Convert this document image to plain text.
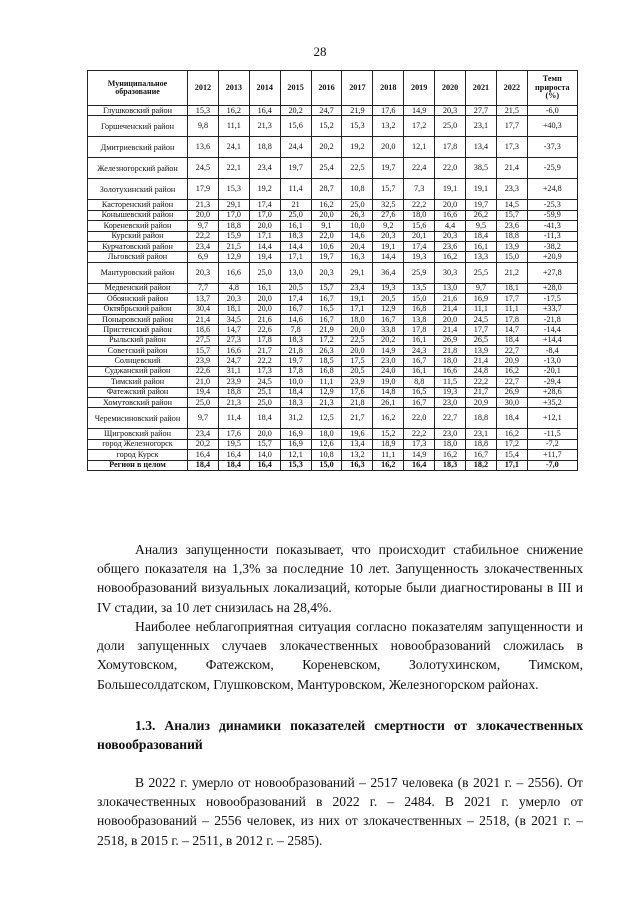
28
Муниципальное образование	2012	2013	2014	2015	2016	2017	2018	2019	2020	2021	2022	Темп прироста (%)
Глушковский район	15,3	16,2	16,4	20,2	24,7	21,9	17,6	14,9	20,3	27,7	21,5	-6,0
Горшеченский район	9,8	11,1	21,3	15,6	15,2	15,3	13,2	17,2	25,0	23,1	17,7	+40,3
Дмитриевский район	13,6	24,1	18,8	24,4	20,2	19,2	20,0	12,1	17,8	13,4	17,3	-37,3
Железногорский район	24,5	22,1	23,4	19,7	25,4	22,5	19,7	22,4	22,0	38,5	21,4	-25,9
Золотухинский район	17,9	15,3	19,2	11,4	28,7	10,8	15,7	7,3	19,1	19,1	23,3	+24,8
Касторенский район	21,3	29,1	17,4	21	16,2	25,0	32,5	22,2	20,0	19,7	14,5	-25,3
Конышевский район	20,0	17,0	17,0	25,0	20,0	26,3	27,6	18,0	16,6	26,2	15,7	-59,9
Кореневский район	9,7	18,8	20,0	16,1	9,1	10,0	9,2	15,6	4,4	9,5	23,6	-41,3
Курский район	22,2	15,9	17,1	18,3	22,0	14,6	20,3	20,1	20,3	18,4	18,8	-11,3
Курчатовский район	23,4	21,5	14,4	14,4	10,6	20,4	19,1	17,4	23,6	16,1	13,9	-38,2
Льговский район	6,9	12,9	19,4	17,1	19,7	16,3	14,4	19,3	16,2	13,3	15,0	+20,9
Мантуровский район	20,3	16,6	25,0	13,0	20,3	29,1	36,4	25,9	30,3	25,5	21,2	+27,8
Медвенский район	7,7	4,8	16,1	20,5	15,7	23,4	19,3	13,5	13,0	9,7	18,1	+28,0
Обоянский район	13,7	20,3	20,0	17,4	16,7	19,1	20,5	15,0	21,6	16,9	17,7	-17,5
Октябрьский район	30,4	18,1	20,0	16,7	16,5	17,1	12,9	16,8	21,4	11,1	11,1	+33,7
Поныровский район	21,4	34,5	21,6	14,6	16,7	18,0	16,7	13,8	20,0	24,5	17,8	-21,8
Пристенский район	18,6	14,7	22,6	7,8	21,9	20,0	33,8	17,8	21,4	17,7	14,7	-14,4
Рыльский район	27,5	27,3	17,8	18,3	17,2	22,5	20,2	16,1	26,9	26,5	18,4	+14,4
Советский район	15,7	16,6	21,7	21,8	26,3	20,0	14,9	24,3	21,8	13,9	22,7	-8,4
Солнцевский	23,9	24,7	22,2	19,7	18,5	17,5	23,0	16,7	18,0	21,4	20,9	-13,0
Суджанский район	22,6	31,1	17,3	17,8	16,8	20,5	24,0	16,1	16,6	24,8	16,2	-20,1
Тимский район	21,0	23,9	24,5	10,0	11,1	23,9	19,0	8,8	11,5	22,2	22,7	-29,4
Фатежский район	19,4	18,8	25,1	18,4	12,9	17,6	14,8	16,5	19,3	21,7	26,9	+28,6
Хомутовский район	25,0	21,3	25,0	18,3	21,3	21,8	26,1	16,7	23,0	20,9	30,0	+35,2
Черемисиновский район	9,7	11,4	18,4	31,2	12,5	21,7	16,2	22,0	22,7	18,8	18,4	+12,1
Щигровский район	23,4	17,6	20,0	16,9	18,0	19,6	15,2	22,2	23,0	23,1	16,2	-11,5
город Железногорск	20,2	19,5	15,7	16,9	12,6	13,4	18,9	17,3	18,0	18,8	17,2	-7,2
город Курск	16,4	16,4	14,0	12,1	10,8	13,2	11,1	14,9	16,2	16,7	15,4	+11,7
Регион в целом	18,4	18,4	16,4	15,3	15,0	16,3	16,2	16,4	18,3	18,2	17,1	-7,0
Анализ запущенности показывает, что происходит стабильное снижение общего показателя на 1,3% за последние 10 лет. Запущенность злокачественных новообразований визуальных локализаций, которые были диагностированы в III и IV стадии, за 10 лет снизилась на 28,4%.
Наиболее неблагоприятная ситуация согласно показателям запущенности и доли запущенных случаев злокачественных новообразований сложилась в Хомутовском, Фатежском, Кореневском, Золотухинском, Тимском, Большесолдатском, Глушковском, Мантуровском, Железногорском районах.
1.3. Анализ динамики показателей смертности от злокачественных новообразований
В 2022 г. умерло от новообразований – 2517 человека (в 2021 г. – 2556). От злокачественных новообразований в 2022 г. – 2484. В 2021 г. умерло от новообразований – 2556 человек, из них от злокачественных – 2518, (в 2021 г. – 2518, в 2015 г. – 2511, в 2012 г. – 2585).
